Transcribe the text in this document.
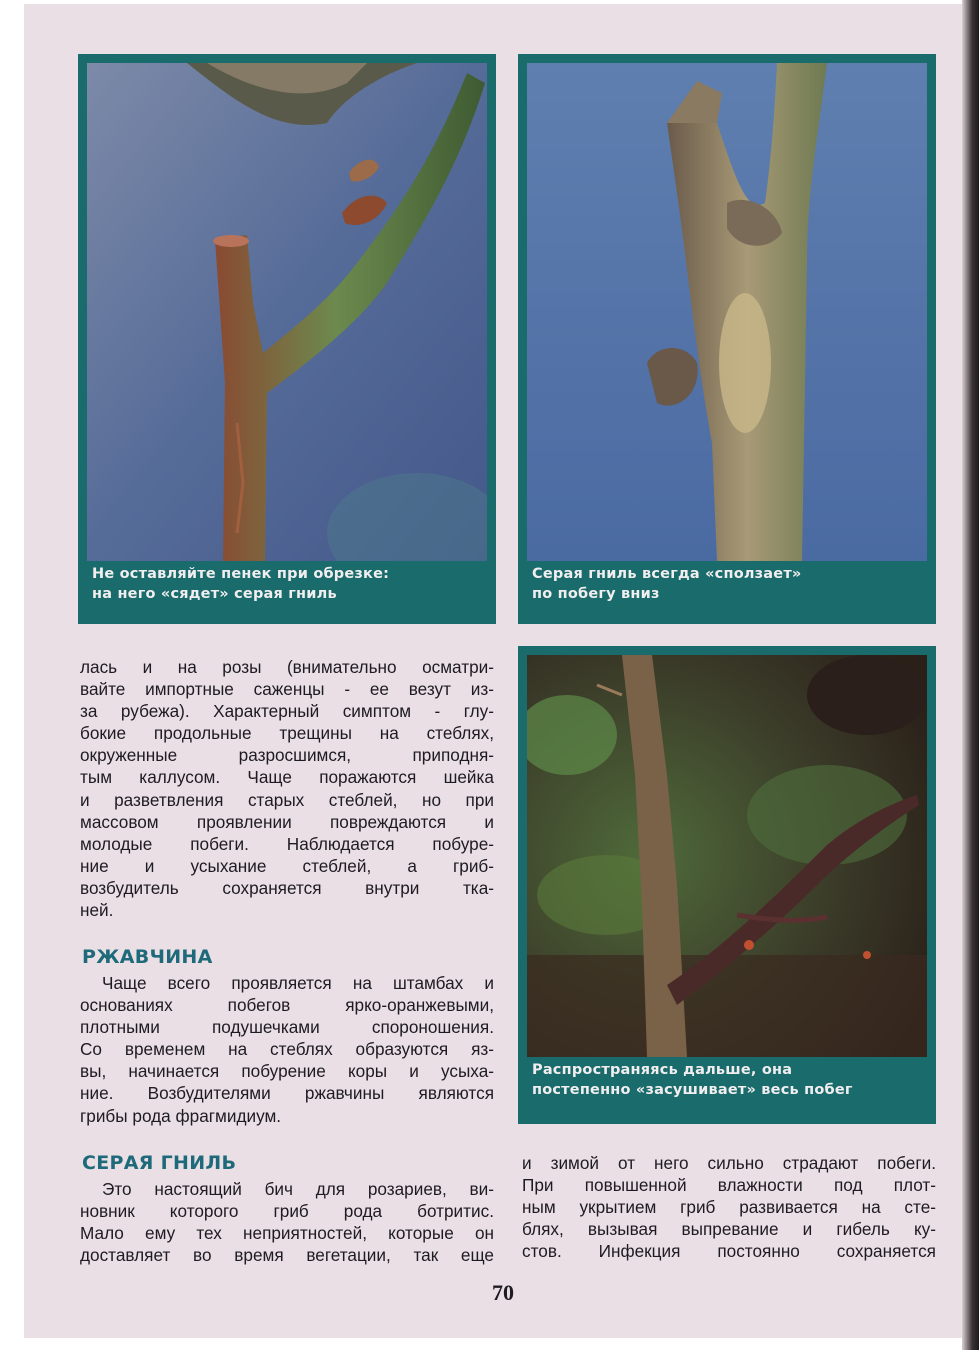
Не оставляйте пенек при обрезке:
на него «сядет» серая гниль
Серая гниль всегда «сползает»
по побегу вниз
Распространяясь дальше, она
постепенно «засушивает» весь побег
лась и на розы (внимательно осматри-
вайте импортные саженцы - ее везут из-
за рубежа). Характерный симптом - глу-
бокие продольные трещины на стеблях,
окруженные разросшимся, приподня-
тым каллусом. Чаще поражаются шейка
и разветвления старых стеблей, но при
массовом проявлении повреждаются и
молодые побеги. Наблюдается побуре-
ние и усыхание стеблей, а гриб-
возбудитель сохраняется внутри тка-
ней.
РЖАВЧИНА
Чаще всего проявляется на штамбах и
основаниях побегов ярко-оранжевыми,
плотными подушечками спороношения.
Со временем на стеблях образуются яз-
вы, начинается побурение коры и усыха-
ние. Возбудителями ржавчины являются
грибы рода фрагмидиум.
СЕРАЯ ГНИЛЬ
Это настоящий бич для розариев, ви-
новник которого гриб рода ботритис.
Мало ему тех неприятностей, которые он
доставляет во время вегетации, так еще
и зимой от него сильно страдают побеги.
При повышенной влажности под плот-
ным укрытием гриб развивается на сте-
блях, вызывая выпревание и гибель ку-
стов. Инфекция постоянно сохраняется
70
